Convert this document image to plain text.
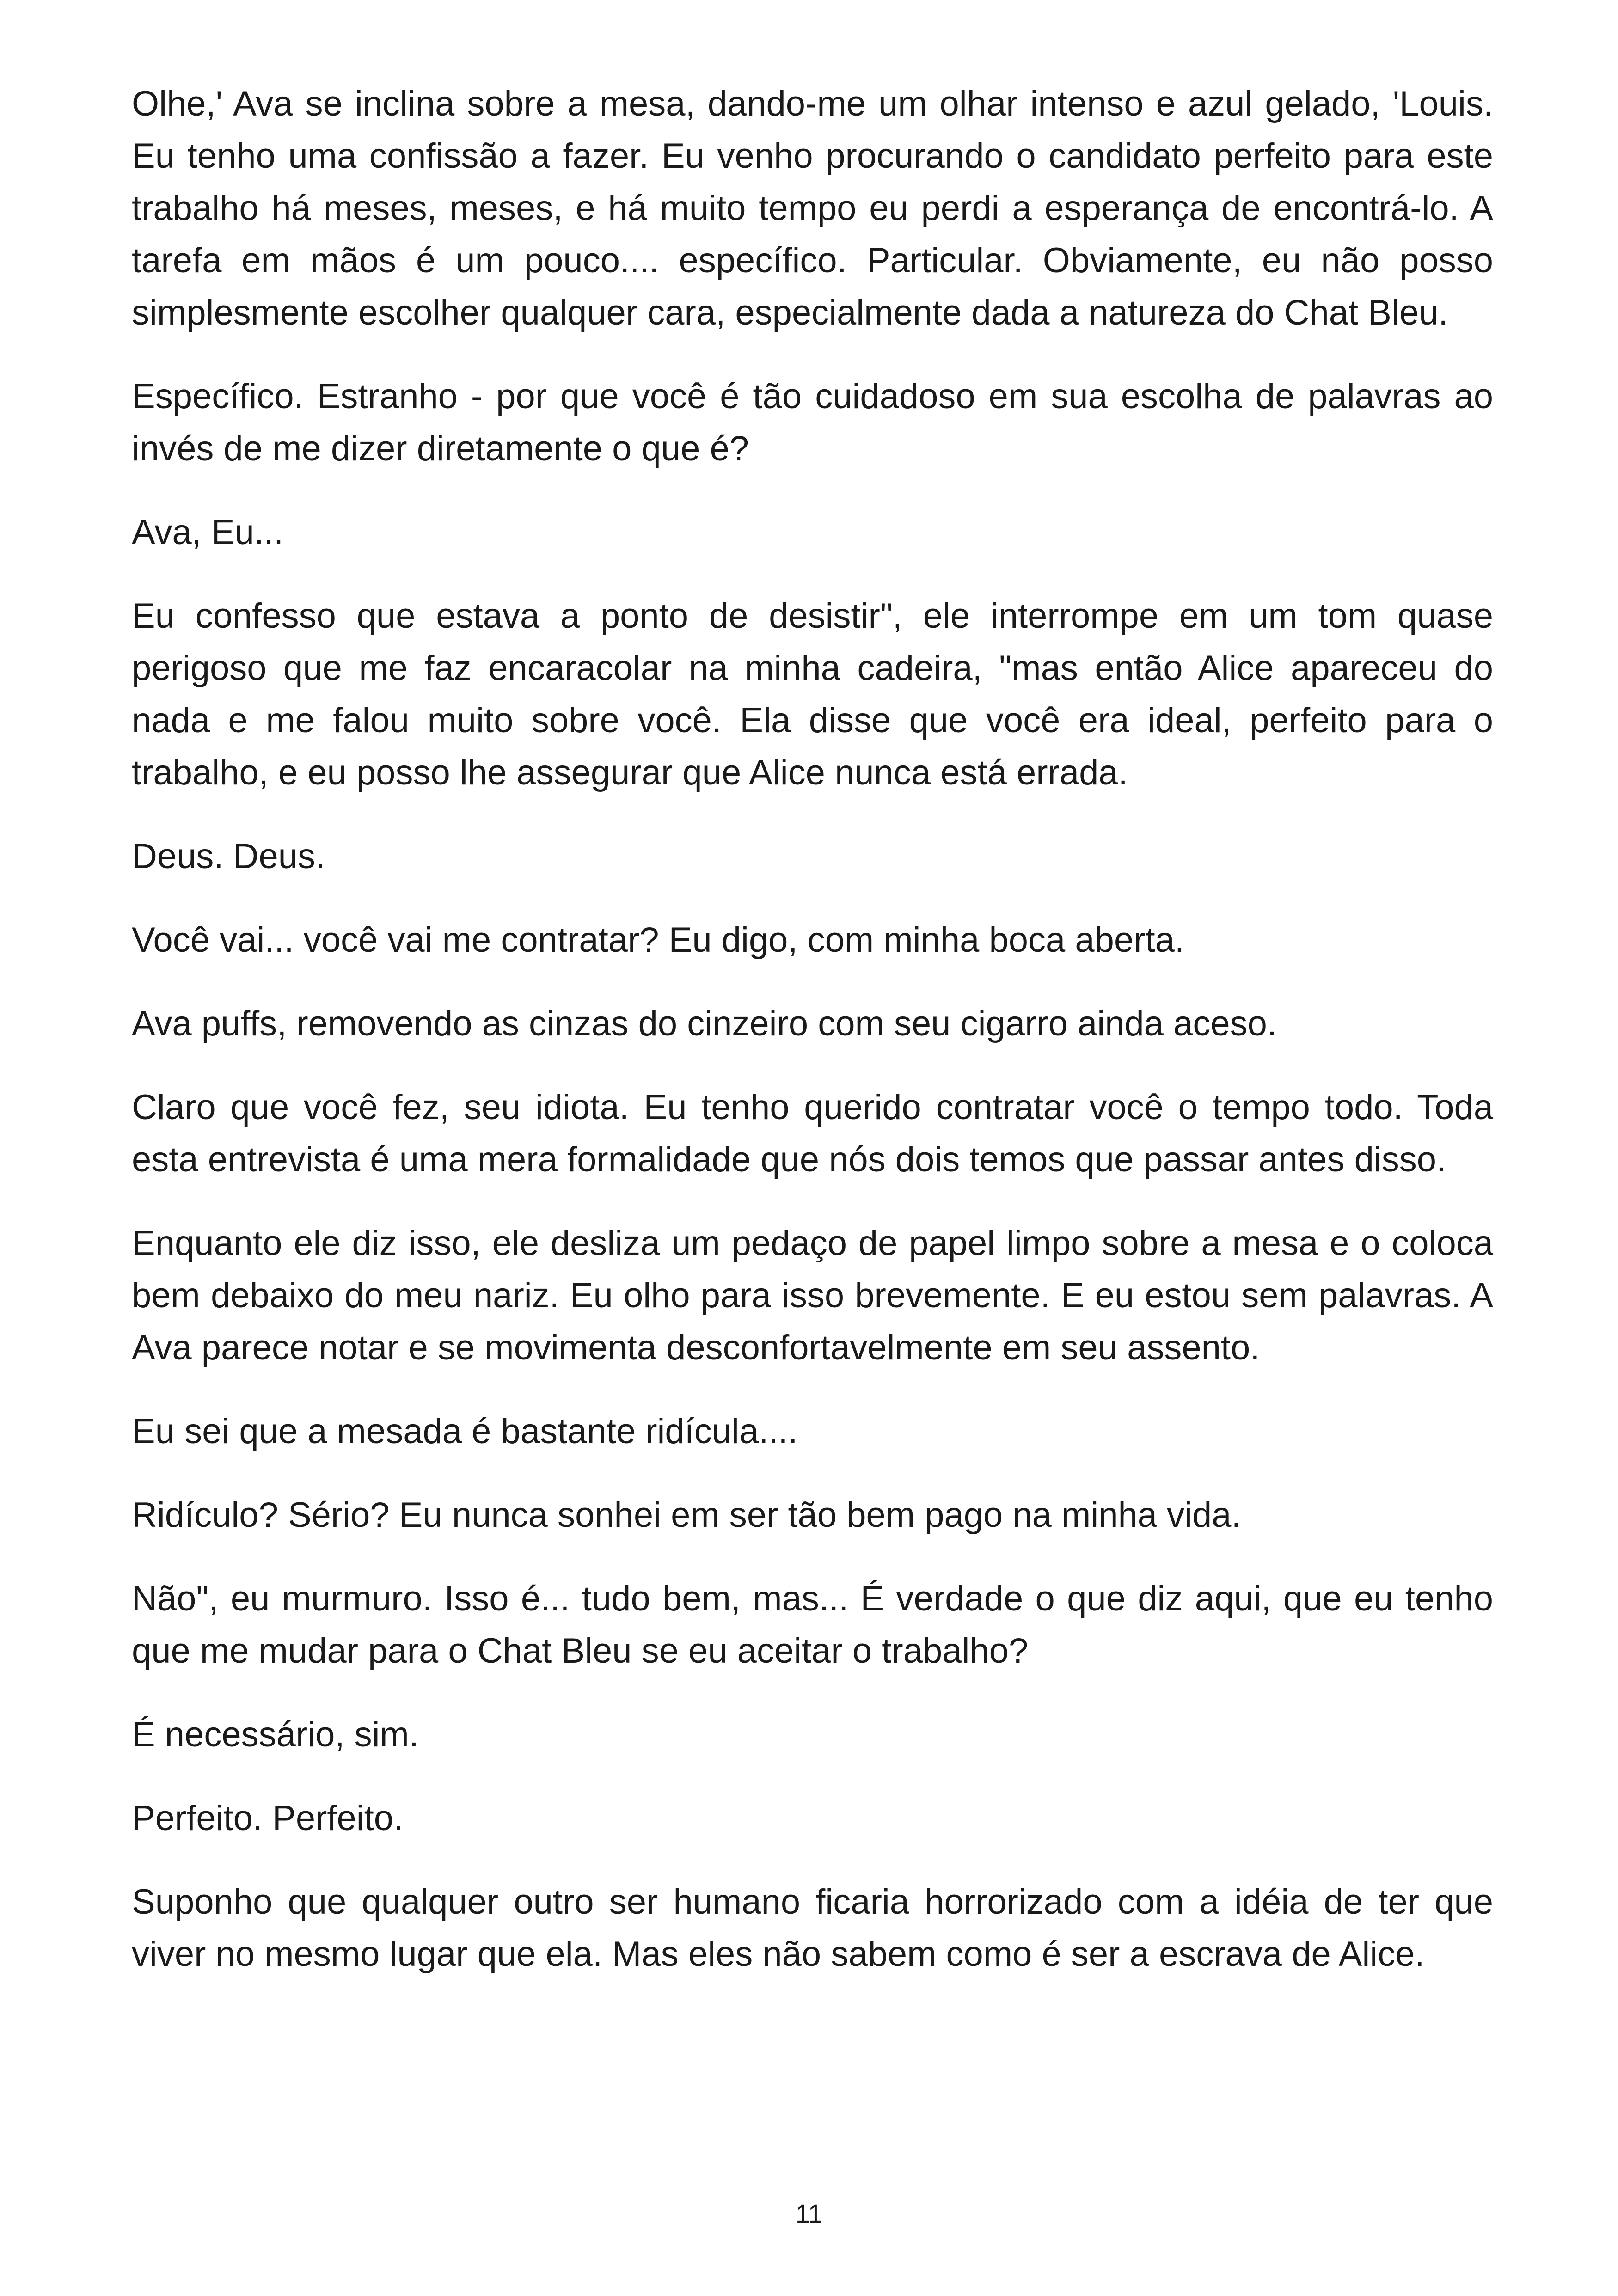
Olhe,' Ava se inclina sobre a mesa, dando-me um olhar intenso e azul gelado, 'Louis. Eu tenho uma confissão a fazer. Eu venho procurando o candidato perfeito para este trabalho há meses, meses, e há muito tempo eu perdi a esperança de encontrá-lo. A tarefa em mãos é um pouco.... específico. Particular. Obviamente, eu não posso simplesmente escolher qualquer cara, especialmente dada a natureza do Chat Bleu.

Específico. Estranho - por que você é tão cuidadoso em sua escolha de palavras ao invés de me dizer diretamente o que é?

Ava, Eu...

Eu confesso que estava a ponto de desistir", ele interrompe em um tom quase perigoso que me faz encaracolar na minha cadeira, "mas então Alice apareceu do nada e me falou muito sobre você. Ela disse que você era ideal, perfeito para o trabalho, e eu posso lhe assegurar que Alice nunca está errada.

Deus. Deus.

Você vai... você vai me contratar? Eu digo, com minha boca aberta.

Ava puffs, removendo as cinzas do cinzeiro com seu cigarro ainda aceso.

Claro que você fez, seu idiota. Eu tenho querido contratar você o tempo todo. Toda esta entrevista é uma mera formalidade que nós dois temos que passar antes disso.

Enquanto ele diz isso, ele desliza um pedaço de papel limpo sobre a mesa e o coloca bem debaixo do meu nariz. Eu olho para isso brevemente. E eu estou sem palavras. A Ava parece notar e se movimenta desconfortavelmente em seu assento.

Eu sei que a mesada é bastante ridícula....

Ridículo? Sério? Eu nunca sonhei em ser tão bem pago na minha vida.

Não", eu murmuro. Isso é... tudo bem, mas... É verdade o que diz aqui, que eu tenho que me mudar para o Chat Bleu se eu aceitar o trabalho?

É necessário, sim.

Perfeito. Perfeito.

Suponho que qualquer outro ser humano ficaria horrorizado com a idéia de ter que viver no mesmo lugar que ela. Mas eles não sabem como é ser a escrava de Alice.

11
